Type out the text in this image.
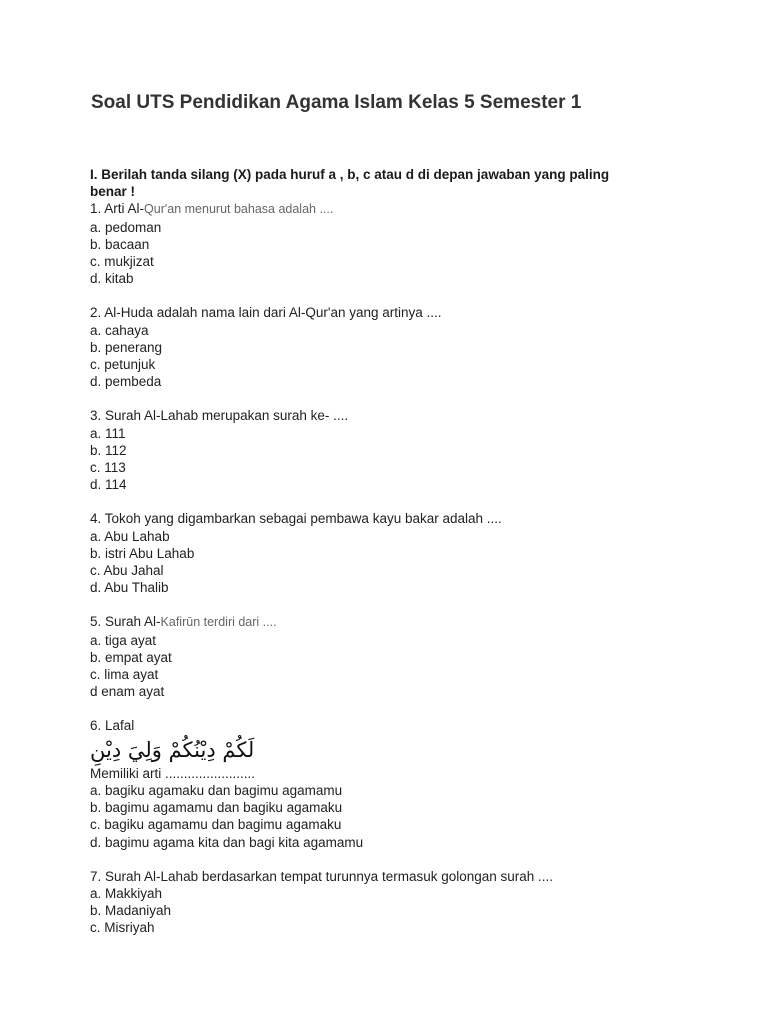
Soal UTS Pendidikan Agama Islam Kelas 5 Semester 1
I. Berilah tanda silang (X) pada huruf a , b, c atau d di depan jawaban yang paling
benar !
1. Arti Al-Qur'an menurut bahasa adalah ....
a. pedoman
b. bacaan
c. mukjizat
d. kitab
2. Al-Huda adalah nama lain dari Al-Qur'an yang artinya ....
a. cahaya
b. penerang
c. petunjuk
d. pembeda
3. Surah Al-Lahab merupakan surah ke- ....
a. 111
b. 112
c. 113
d. 114
4. Tokoh yang digambarkan sebagai pembawa kayu bakar adalah ....
a. Abu Lahab
b. istri Abu Lahab
c. Abu Jahal
d. Abu Thalib
5. Surah Al-Kafirūn terdiri dari ....
a. tiga ayat
b. empat ayat
c. lima ayat
d enam ayat
6. Lafal
لَكُمْ دِيْنُكُمْ وَلِيَ دِيْنِ
Memiliki arti ........................
a. bagiku agamaku dan bagimu agamamu
b. bagimu agamamu dan bagiku agamaku
c. bagiku agamamu dan bagimu agamaku
d. bagimu agama kita dan bagi kita agamamu
7. Surah Al-Lahab berdasarkan tempat turunnya termasuk golongan surah ....
a. Makkiyah
b. Madaniyah
c. Misriyah
